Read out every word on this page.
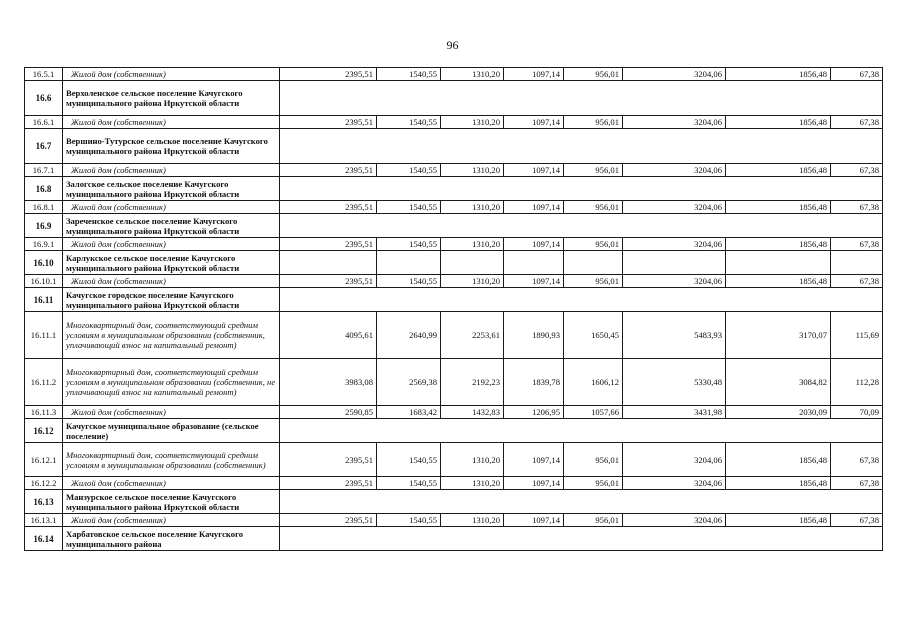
96
16.5.1	Жилой дом (собственник)	2395,51	1540,55	1310,20	1097,14	956,01	3204,06	1856,48	67,38
16.6	Верхоленское сельское поселение Качугского муниципального района Иркутской области								
16.6.1	Жилой дом (собственник)	2395,51	1540,55	1310,20	1097,14	956,01	3204,06	1856,48	67,38
16.7	Вершино-Тутурское сельское поселение Качугского муниципального района Иркутской области								
16.7.1	Жилой дом (собственник)	2395,51	1540,55	1310,20	1097,14	956,01	3204,06	1856,48	67,38
16.8	Залогское сельское поселение Качугского муниципального района Иркутской области								
16.8.1	Жилой дом (собственник)	2395,51	1540,55	1310,20	1097,14	956,01	3204,06	1856,48	67,38
16.9	Зареченское сельское поселение Качугского муниципального района Иркутской области								
16.9.1	Жилой дом (собственник)	2395,51	1540,55	1310,20	1097,14	956,01	3204,06	1856,48	67,38
16.10	Карлукское сельское поселение Качугского муниципального района Иркутской области								
16.10.1	Жилой дом (собственник)	2395,51	1540,55	1310,20	1097,14	956,01	3204,06	1856,48	67,38
16.11	Качугское городское поселение Качугского муниципального района Иркутской области								
16.11.1	Многоквартирный дом, соответствующий средним условиям в муниципальном образовании (собственник, уплачивающий взнос на капитальный ремонт)	4095,61	2640,99	2253,61	1890,93	1650,45	5483,93	3170,07	115,69
16.11.2	Многоквартирный дом, соответствующий средним условиям в муниципальном образовании (собственник, не уплачивающий взнос на капитальный ремонт)	3983,08	2569,38	2192,23	1839,78	1606,12	5330,48	3084,82	112,28
16.11.3	Жилой дом (собственник)	2590,85	1683,42	1432,83	1206,95	1057,66	3431,98	2030,09	70,09
16.12	Качугское муниципальное образование (сельское поселение)								
16.12.1	Многоквартирный дом, соответствующий средним условиям в муниципальном образовании (собственник)	2395,51	1540,55	1310,20	1097,14	956,01	3204,06	1856,48	67,38
16.12.2	Жилой дом (собственник)	2395,51	1540,55	1310,20	1097,14	956,01	3204,06	1856,48	67,38
16.13	Манзурское сельское поселение Качугского муниципального района Иркутской области								
16.13.1	Жилой дом (собственник)	2395,51	1540,55	1310,20	1097,14	956,01	3204,06	1856,48	67,38
16.14	Харбатовское сельское поселение Качугского муниципального района								
